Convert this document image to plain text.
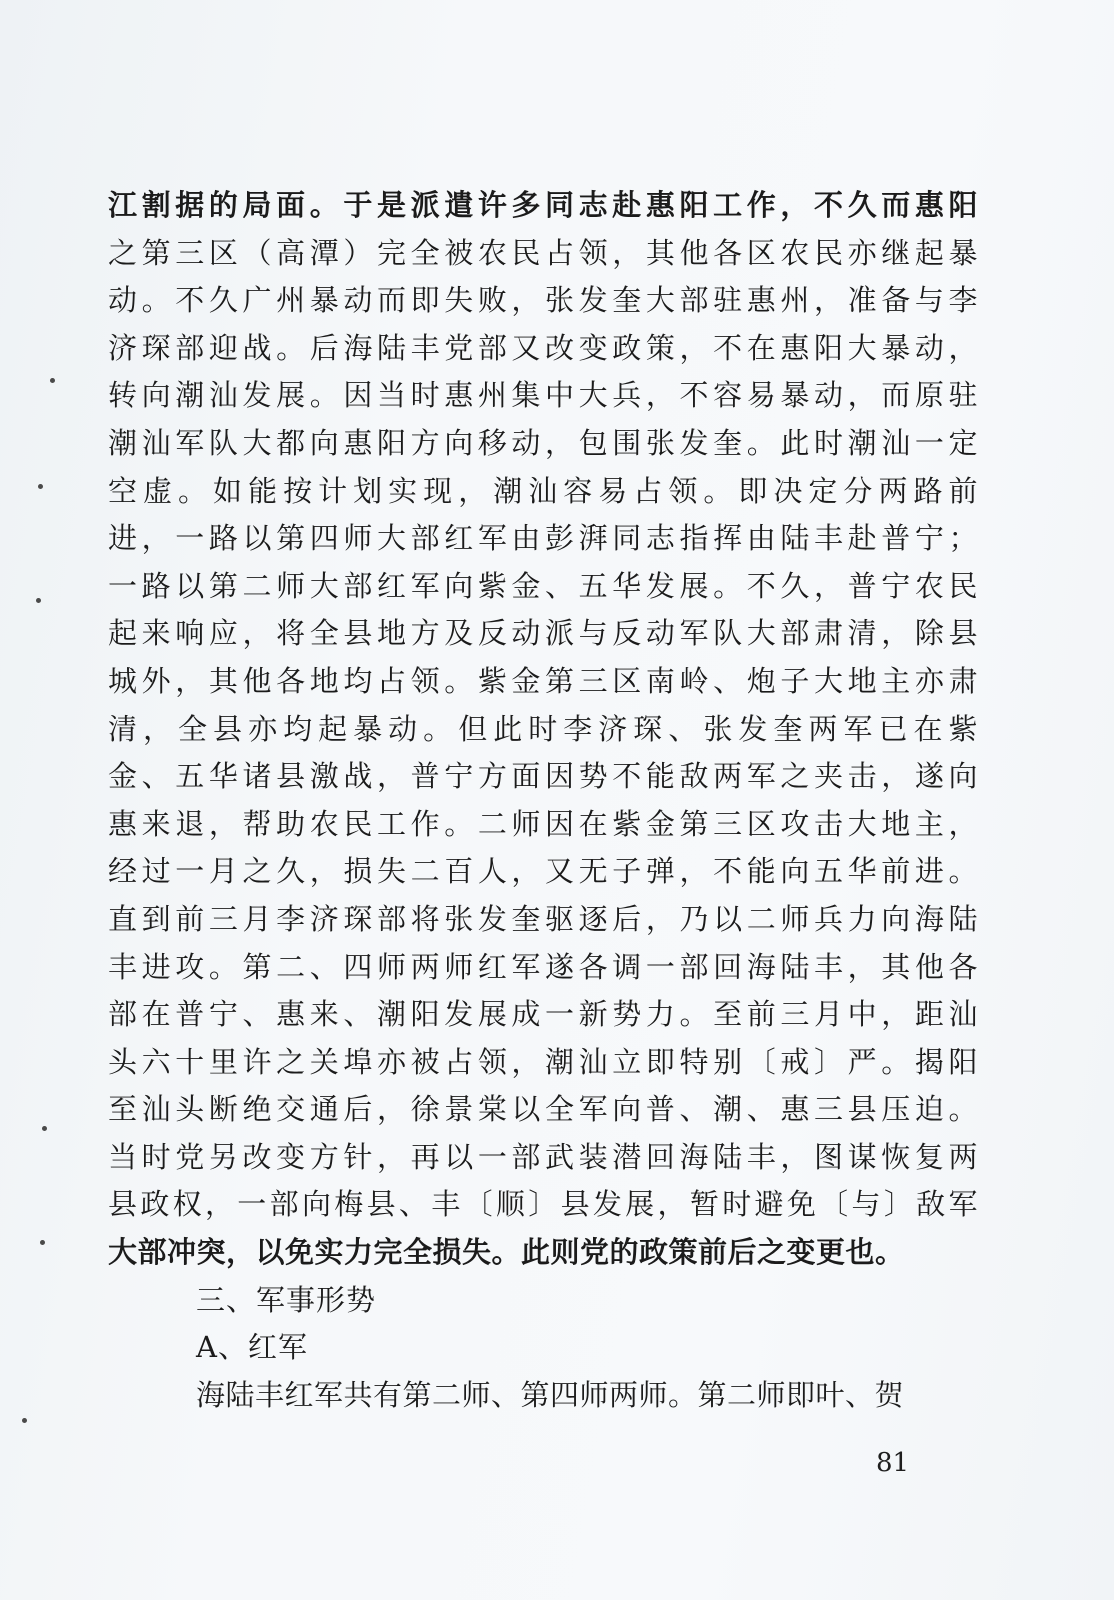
江割据的局面。于是派遣许多同志赴惠阳工作，不久而惠阳
之第三区（高潭）完全被农民占领，其他各区农民亦继起暴
动。不久广州暴动而即失败，张发奎大部驻惠州，准备与李
济琛部迎战。后海陆丰党部又改变政策，不在惠阳大暴动，
转向潮汕发展。因当时惠州集中大兵，不容易暴动，而原驻
潮汕军队大都向惠阳方向移动，包围张发奎。此时潮汕一定
空虚。如能按计划实现，潮汕容易占领。即决定分两路前
进，一路以第四师大部红军由彭湃同志指挥由陆丰赴普宁；
一路以第二师大部红军向紫金、五华发展。不久，普宁农民
起来响应，将全县地方及反动派与反动军队大部肃清，除县
城外，其他各地均占领。紫金第三区南岭、炮子大地主亦肃
清，全县亦均起暴动。但此时李济琛、张发奎两军已在紫
金、五华诸县激战，普宁方面因势不能敌两军之夹击，遂向
惠来退，帮助农民工作。二师因在紫金第三区攻击大地主，
经过一月之久，损失二百人，又无子弹，不能向五华前进。
直到前三月李济琛部将张发奎驱逐后，乃以二师兵力向海陆
丰进攻。第二、四师两师红军遂各调一部回海陆丰，其他各
部在普宁、惠来、潮阳发展成一新势力。至前三月中，距汕
头六十里许之关埠亦被占领，潮汕立即特别〔戒〕严。揭阳
至汕头断绝交通后，徐景棠以全军向普、潮、惠三县压迫。
当时党另改变方针，再以一部武装潜回海陆丰，图谋恢复两
县政权，一部向梅县、丰〔顺〕县发展，暂时避免〔与〕敌军
大部冲突，以免实力完全损失。此则党的政策前后之变更也。
三、军事形势
A、红军
海陆丰红军共有第二师、第四师两师。第二师即叶、贺
81
